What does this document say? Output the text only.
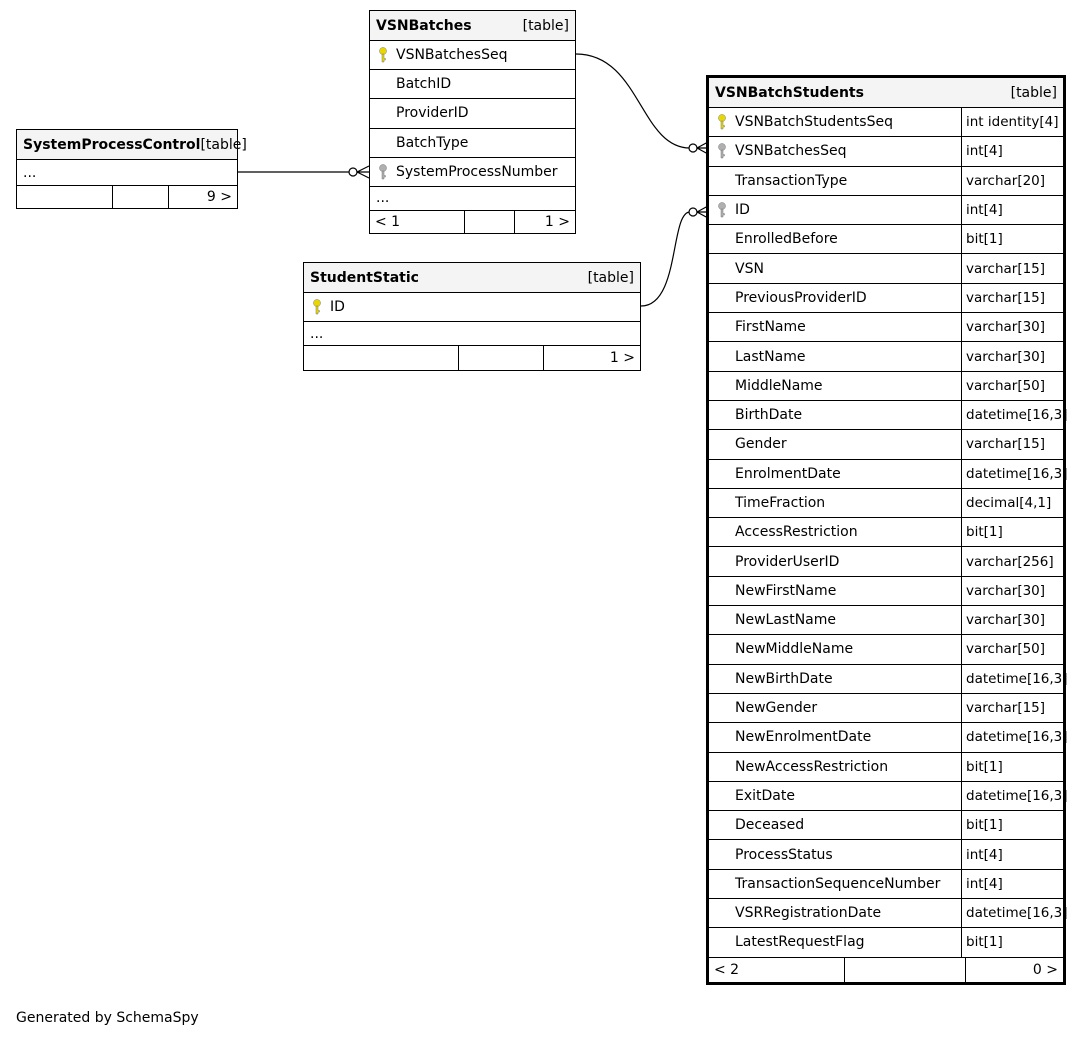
SystemProcessControl [table]
...
9 >
VSNBatches	[table]
VSNBatchesSeq
BatchID
ProviderID
BatchType
SystemProcessNumber
...
< 1	1 >
StudentStatic	[table]
ID
...
1 >
VSNBatchStudents	[table]
VSNBatchStudentsSeq	int identity[4]
VSNBatchesSeq	int[4]
TransactionType	varchar[20]
ID	int[4]
EnrolledBefore	bit[1]
VSN	varchar[15]
PreviousProviderID	varchar[15]
FirstName	varchar[30]
LastName	varchar[30]
MiddleName	varchar[50]
BirthDate	datetime[16,3]
Gender	varchar[15]
EnrolmentDate	datetime[16,3]
TimeFraction	decimal[4,1]
AccessRestriction	bit[1]
ProviderUserID	varchar[256]
NewFirstName	varchar[30]
NewLastName	varchar[30]
NewMiddleName	varchar[50]
NewBirthDate	datetime[16,3]
NewGender	varchar[15]
NewEnrolmentDate	datetime[16,3]
NewAccessRestriction	bit[1]
ExitDate	datetime[16,3]
Deceased	bit[1]
ProcessStatus	int[4]
TransactionSequenceNumber	int[4]
VSRRegistrationDate	datetime[16,3]
LatestRequestFlag	bit[1]
< 2	0 >
Generated by SchemaSpy
